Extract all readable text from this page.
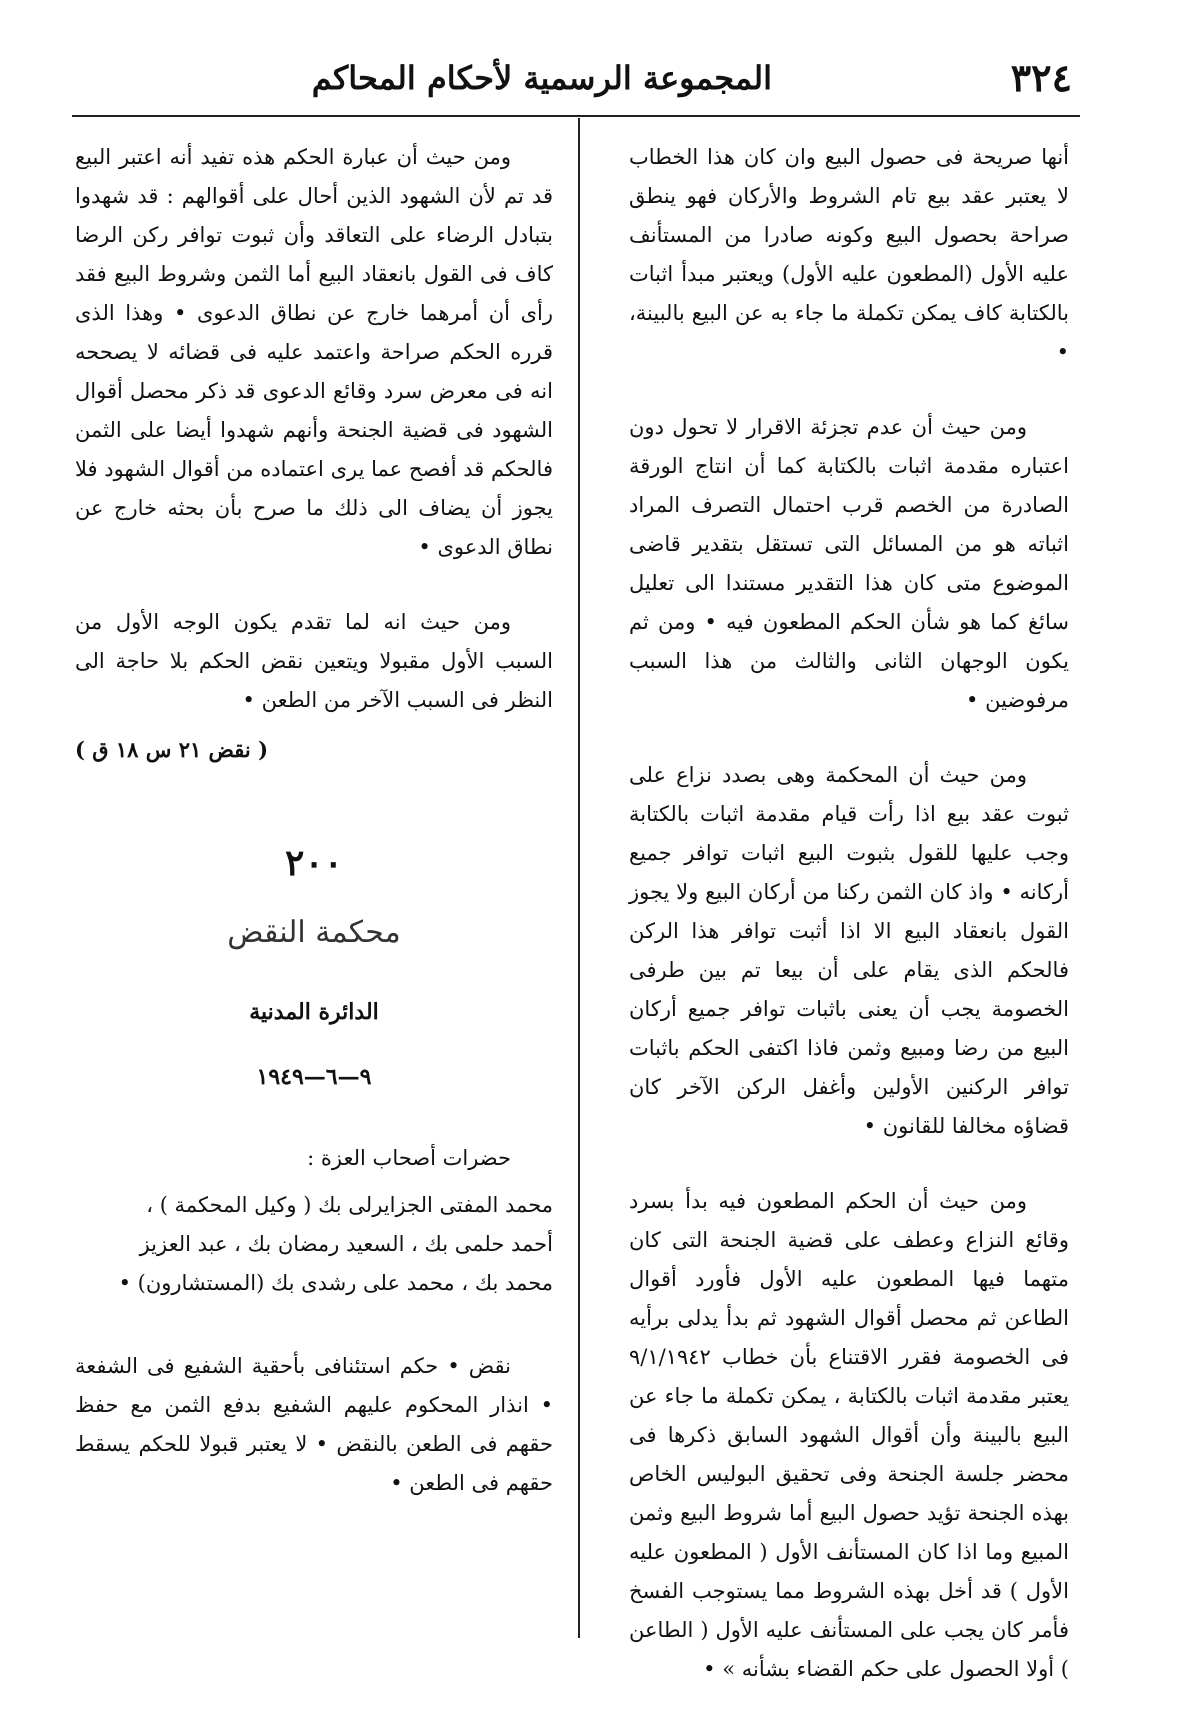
٣٢٤
المجموعة الرسمية لأحكام المحاكم

أنها صريحة فى حصول البيع وان كان هذا الخطاب لا يعتبر عقد بيع تام الشروط والأركان فهو ينطق صراحة بحصول البيع وكونه صادرا من المستأنف عليه الأول (المطعون عليه الأول) ويعتبر مبدأ اثبات بالكتابة كاف يمكن تكملة ما جاء به عن البيع بالبينة، •

ومن حيث أن عدم تجزئة الاقرار لا تحول دون اعتباره مقدمة اثبات بالكتابة كما أن انتاج الورقة الصادرة من الخصم قرب احتمال التصرف المراد اثباته هو من المسائل التى تستقل بتقدير قاضى الموضوع متى كان هذا التقدير مستندا الى تعليل سائغ كما هو شأن الحكم المطعون فيه • ومن ثم يكون الوجهان الثانى والثالث من هذا السبب مرفوضين •

ومن حيث أن المحكمة وهى بصدد نزاع على ثبوت عقد بيع اذا رأت قيام مقدمة اثبات بالكتابة وجب عليها للقول بثبوت البيع اثبات توافر جميع أركانه • واذ كان الثمن ركنا من أركان البيع ولا يجوز القول بانعقاد البيع الا اذا أثبت توافر هذا الركن فالحكم الذى يقام على أن بيعا تم بين طرفى الخصومة يجب أن يعنى باثبات توافر جميع أركان البيع من رضا ومبيع وثمن فاذا اكتفى الحكم باثبات توافر الركنين الأولين وأغفل الركن الآخر كان قضاؤه مخالفا للقانون •

ومن حيث أن الحكم المطعون فيه بدأ بسرد وقائع النزاع وعطف على قضية الجنحة التى كان متهما فيها المطعون عليه الأول فأورد أقوال الطاعن ثم محصل أقوال الشهود ثم بدأ يدلى برأيه فى الخصومة فقرر الاقتناع بأن خطاب ٩/١/١٩٤٢ يعتبر مقدمة اثبات بالكتابة ، يمكن تكملة ما جاء عن البيع بالبينة وأن أقوال الشهود السابق ذكرها فى محضر جلسة الجنحة وفى تحقيق البوليس الخاص بهذه الجنحة تؤيد حصول البيع أما شروط البيع وثمن المبيع وما اذا كان المستأنف الأول ( المطعون عليه الأول ) قد أخل بهذه الشروط مما يستوجب الفسخ فأمر كان يجب على المستأنف عليه الأول ( الطاعن ) أولا الحصول على حكم القضاء بشأنه » •

ومن حيث أن عبارة الحكم هذه تفيد أنه اعتبر البيع قد تم لأن الشهود الذين أحال على أقوالهم : قد شهدوا بتبادل الرضاء على التعاقد وأن ثبوت توافر ركن الرضا كاف فى القول بانعقاد البيع أما الثمن وشروط البيع فقد رأى أن أمرهما خارج عن نطاق الدعوى • وهذا الذى قرره الحكم صراحة واعتمد عليه فى قضائه لا يصححه انه فى معرض سرد وقائع الدعوى قد ذكر محصل أقوال الشهود فى قضية الجنحة وأنهم شهدوا أيضا على الثمن فالحكم قد أفصح عما يرى اعتماده من أقوال الشهود فلا يجوز أن يضاف الى ذلك ما صرح بأن بحثه خارج عن نطاق الدعوى •

ومن حيث انه لما تقدم يكون الوجه الأول من السبب الأول مقبولا ويتعين نقض الحكم بلا حاجة الى النظر فى السبب الآخر من الطعن •

( نقض ٢١ س ١٨ ق )

٢٠٠

محكمة النقض

الدائرة المدنية

٩—٦—١٩٤٩

حضرات أصحاب العزة :

محمد المفتى الجزايرلى بك ( وكيل المحكمة ) ،

أحمد حلمى بك ، السعيد رمضان بك ، عبد العزيز

محمد بك ، محمد على رشدى بك (المستشارون) •

نقض • حكم استئنافى بأحقية الشفيع فى الشفعة • انذار المحكوم عليهم الشفيع بدفع الثمن مع حفظ حقهم فى الطعن بالنقض • لا يعتبر قبولا للحكم يسقط حقهم فى الطعن •
